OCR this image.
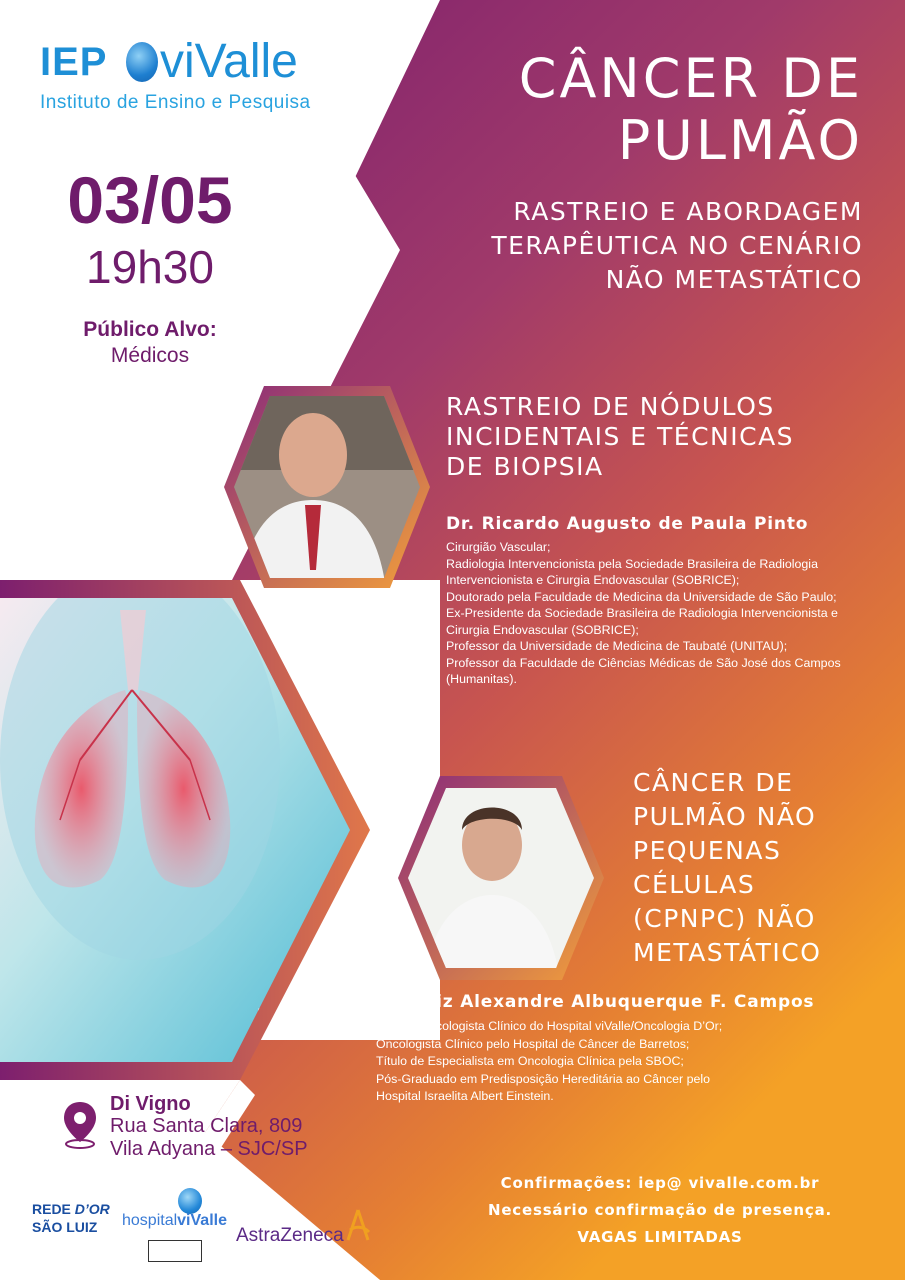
IEP viValle
Instituto de Ensino e Pesquisa
03/05
19h30
Público Alvo:
Médicos
CÂNCER DE
PULMÃO
RASTREIO E ABORDAGEM
TERAPÊUTICA NO CENÁRIO
NÃO METASTÁTICO
RASTREIO DE NÓDULOS
INCIDENTAIS E TÉCNICAS
DE BIOPSIA
Dr. Ricardo Augusto de Paula Pinto
Cirurgião Vascular;
Radiologia Intervencionista pela Sociedade Brasileira de Radiologia
Intervencionista e Cirurgia Endovascular (SOBRICE);
Doutorado pela Faculdade de Medicina da Universidade de São Paulo;
Ex-Presidente da Sociedade Brasileira de Radiologia Intervencionista e
Cirurgia Endovascular (SOBRICE);
Professor da Universidade de Medicina de Taubaté (UNITAU);
Professor da Faculdade de Ciências Médicas de São José dos Campos
(Humanitas).
CÂNCER DE
PULMÃO NÃO
PEQUENAS
CÉLULAS
(CPNPC) NÃO
METASTÁTICO
Dr. Luiz Alexandre Albuquerque F. Campos
Médico Oncologista Clínico do Hospital viValle/Oncologia D’Or;
Oncologista Clínico pelo Hospital de Câncer de Barretos;
Título de Especialista em Oncologia Clínica pela SBOC;
Pós-Graduado em Predisposição Hereditária ao Câncer pelo
Hospital Israelita Albert Einstein.
Di Vigno
Rua Santa Clara, 809
Vila Adyana – SJC/SP
Confirmações: iep@ vivalle.com.br
Necessário confirmação de presença.
VAGAS LIMITADAS
REDE D’OR
SÃO LUIZ	hospitalviValle
AstraZeneca
